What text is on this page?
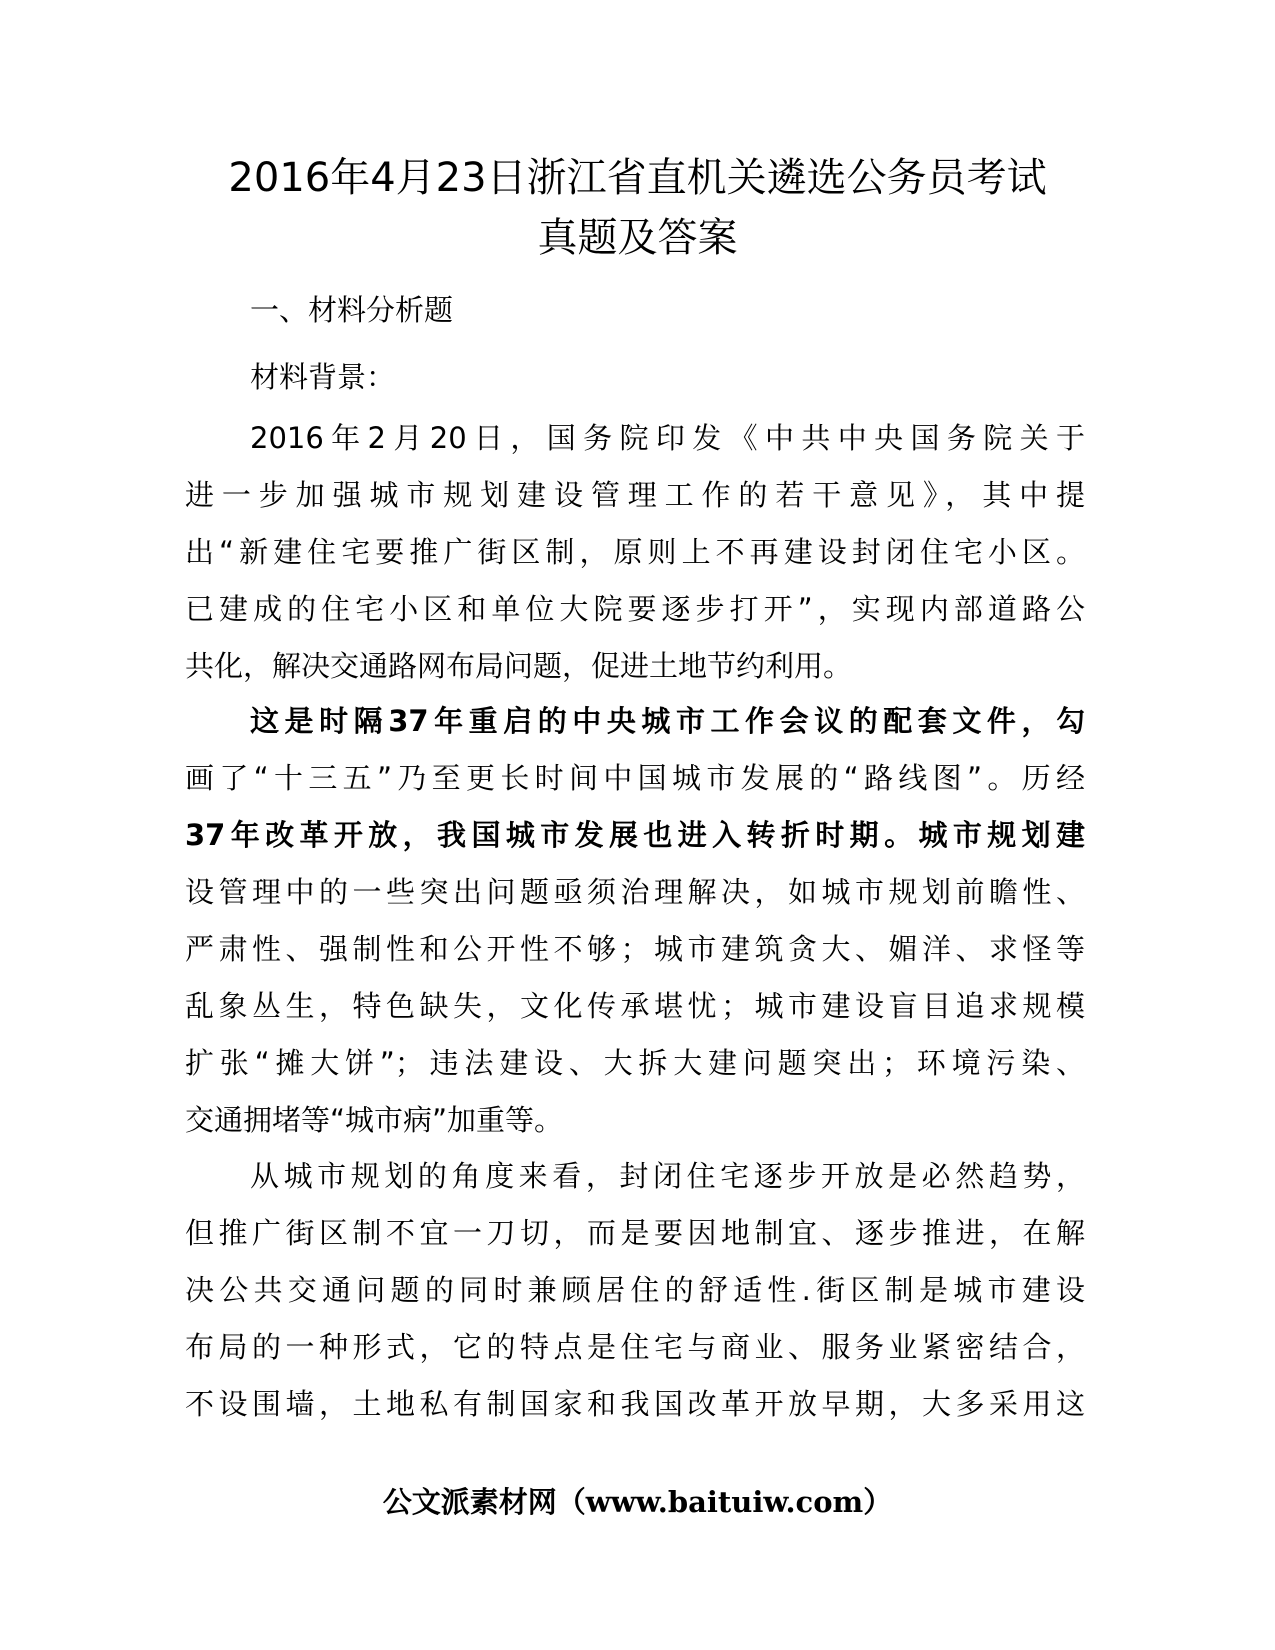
2016年4月23日浙江省直机关遴选公务员考试
真题及答案

一、材料分析题

材料背景：

2016年2月20日，国务院印发《中共中央国务院关于
进一步加强城市规划建设管理工作的若干意见》，其中提
出“新建住宅要推广街区制，原则上不再建设封闭住宅小区。
已建成的住宅小区和单位大院要逐步打开”，实现内部道路公
共化，解决交通路网布局问题，促进土地节约利用。
这是时隔37年重启的中央城市工作会议的配套文件，勾
画了“十三五”乃至更长时间中国城市发展的“路线图”。历经
37年改革开放，我国城市发展也进入转折时期。城市规划建
设管理中的一些突出问题亟须治理解决，如城市规划前瞻性、
严肃性、强制性和公开性不够；城市建筑贪大、媚洋、求怪等
乱象丛生，特色缺失，文化传承堪忧；城市建设盲目追求规模
扩张“摊大饼”；违法建设、大拆大建问题突出；环境污染、
交通拥堵等“城市病”加重等。
从城市规划的角度来看，封闭住宅逐步开放是必然趋势，
但推广街区制不宜一刀切，而是要因地制宜、逐步推进，在解
决公共交通问题的同时兼顾居住的舒适性.街区制是城市建设
布局的一种形式，它的特点是住宅与商业、服务业紧密结合，
不设围墙，土地私有制国家和我国改革开放早期，大多采用这
公文派素材网（www.baituiw.com）
